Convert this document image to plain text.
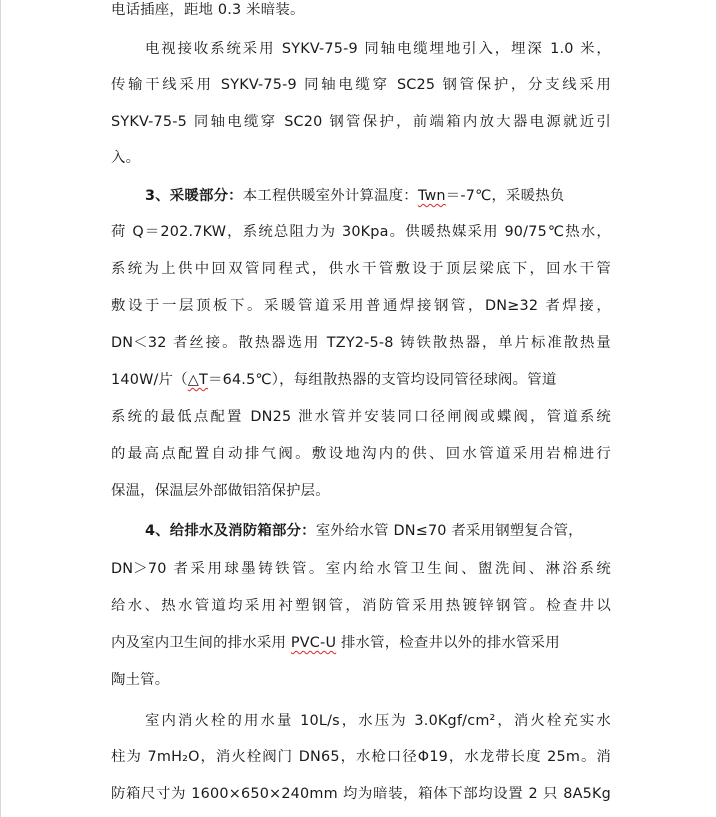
电话插座，距地 0.3 米暗装。
电视接收系统采用 SYKV-75-9 同轴电缆埋地引入，埋深 1.0 米，
传输干线采用 SYKV-75-9 同轴电缆穿 SC25 钢管保护，分支线采用
SYKV-75-5 同轴电缆穿 SC20 钢管保护，前端箱内放大器电源就近引
入。
3、采暖部分：本工程供暖室外计算温度：Twn＝-7℃，采暖热负
荷 Q＝202.7KW，系统总阻力为 30Kpa。供暖热媒采用 90/75℃热水，
系统为上供中回双管同程式，供水干管敷设于顶层梁底下，回水干管
敷设于一层顶板下。采暖管道采用普通焊接钢管，DN≥32 者焊接，
DN＜32 者丝接。散热器选用 TZY2-5-8 铸铁散热器，单片标准散热量
140W/片（△T＝64.5℃），每组散热器的支管均设同管径球阀。管道
系统的最低点配置 DN25 泄水管并安装同口径闸阀或蝶阀，管道系统
的最高点配置自动排气阀。敷设地沟内的供、回水管道采用岩棉进行
保温，保温层外部做铝箔保护层。
4、给排水及消防箱部分：室外给水管 DN≤70 者采用钢塑复合管，
DN＞70 者采用球墨铸铁管。室内给水管卫生间、盥洗间、淋浴系统
给水、热水管道均采用衬塑钢管，消防管采用热镀锌钢管。检查井以
内及室内卫生间的排水采用 PVC-U 排水管，检查井以外的排水管采用
陶土管。
室内消火栓的用水量 10L/s，水压为 3.0Kgf/cm²，消火栓充实水
柱为 7mH₂O，消火栓阀门 DN65，水枪口径Φ19，水龙带长度 25m。消
防箱尺寸为 1600×650×240mm 均为暗装，箱体下部均设置 2 只 8A5Kg
